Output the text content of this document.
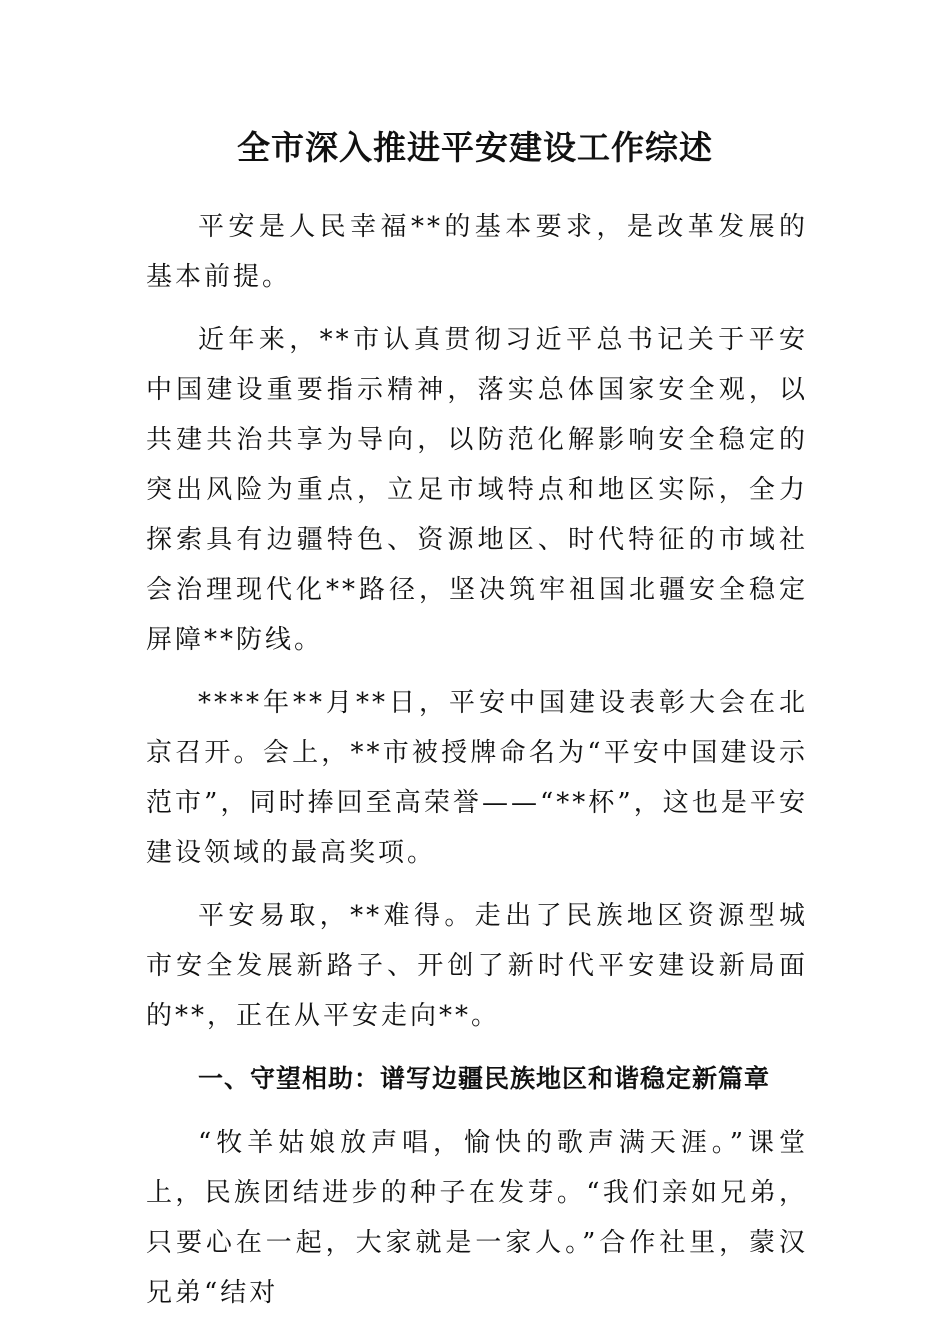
全市深入推进平安建设工作综述

平安是人民幸福**的基本要求，是改革发展的基本前提。

近年来，**市认真贯彻习近平总书记关于平安中国建设重要指示精神，落实总体国家安全观，以共建共治共享为导向，以防范化解影响安全稳定的突出风险为重点，立足市域特点和地区实际，全力探索具有边疆特色、资源地区、时代特征的市域社会治理现代化**路径，坚决筑牢祖国北疆安全稳定屏障**防线。

****年**月**日，平安中国建设表彰大会在北京召开。会上，**市被授牌命名为“平安中国建设示范市”，同时捧回至高荣誉——“**杯”，这也是平安建设领域的最高奖项。

平安易取，**难得。走出了民族地区资源型城市安全发展新路子、开创了新时代平安建设新局面的**，正在从平安走向**。

一、守望相助：谱写边疆民族地区和谐稳定新篇章

“牧羊姑娘放声唱，愉快的歌声满天涯。”课堂上，民族团结进步的种子在发芽。“我们亲如兄弟，只要心在一起，大家就是一家人。”合作社里，蒙汉兄弟“结对
